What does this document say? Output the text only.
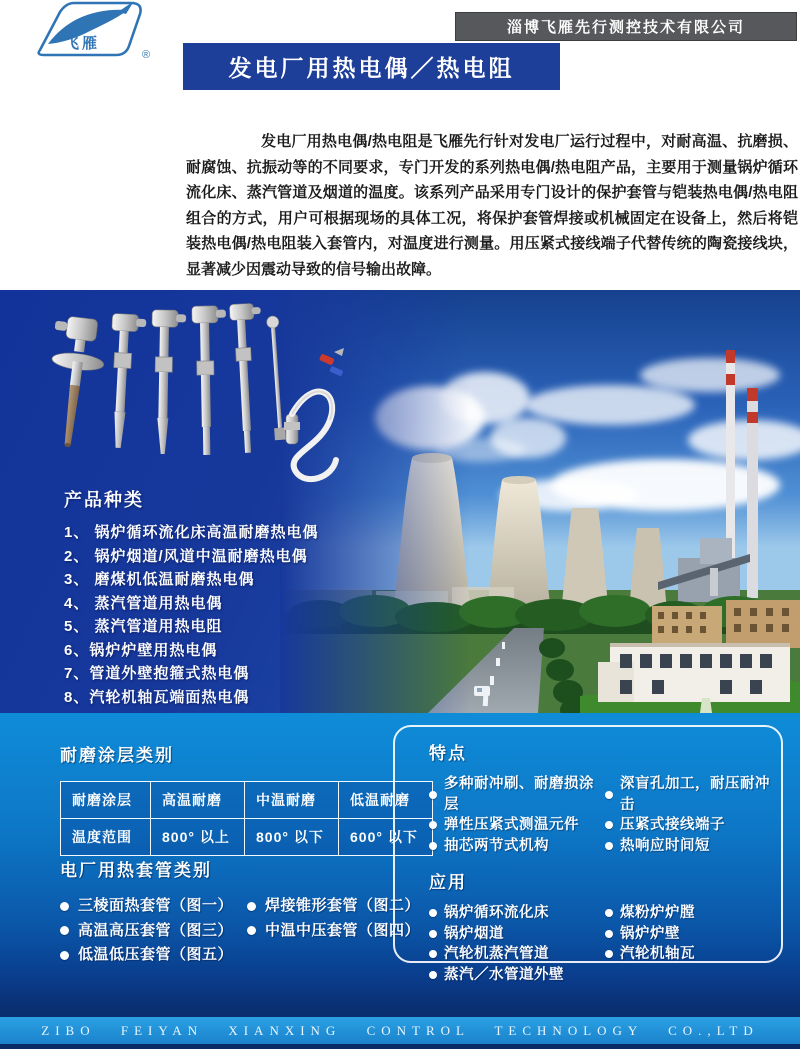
飞雁
®
淄博飞雁先行测控技术有限公司
发电厂用热电偶／热电阻

发电厂用热电偶/热电阻是飞雁先行针对发电厂运行过程中，对耐高温、抗磨损、耐腐蚀、抗振动等的不同要求，专门开发的系列热电偶/热电阻产品，主要用于测量锅炉循环流化床、蒸汽管道及烟道的温度。该系列产品采用专门设计的保护套管与铠装热电偶/热电阻组合的方式，用户可根据现场的具体工况，将保护套管焊接或机械固定在设备上，然后将铠装热电偶/热电阻装入套管内，对温度进行测量。用压紧式接线端子代替传统的陶瓷接线块，显著减少因震动导致的信号输出故障。

产品种类
1、 锅炉循环流化床高温耐磨热电偶
2、 锅炉烟道/风道中温耐磨热电偶
3、 磨煤机低温耐磨热电偶
4、 蒸汽管道用热电偶
5、 蒸汽管道用热电阻
6、锅炉炉壁用热电偶
7、管道外壁抱箍式热电偶
8、汽轮机轴瓦端面热电偶
耐磨涂层类别
耐磨涂层	高温耐磨	中温耐磨	低温耐磨
温度范围	800° 以上	800° 以下	600° 以下
电厂用热套管类别
三棱面热套管（图一） 焊接锥形套管（图二）
高温高压套管（图三） 中温中压套管（图四）
低温低压套管（图五）
特点
多种耐冲刷、耐磨损涂层
深盲孔加工，耐压耐冲击
弹性压紧式测温元件	压紧式接线端子
抽芯两节式机构	热响应时间短
应用
锅炉循环流化床	煤粉炉炉膛
锅炉烟道	锅炉炉壁
汽轮机蒸汽管道	汽轮机轴瓦
蒸汽／水管道外壁
ZIBO FEIYAN XIANXING CONTROL TECHNOLOGY CO.,LTD
